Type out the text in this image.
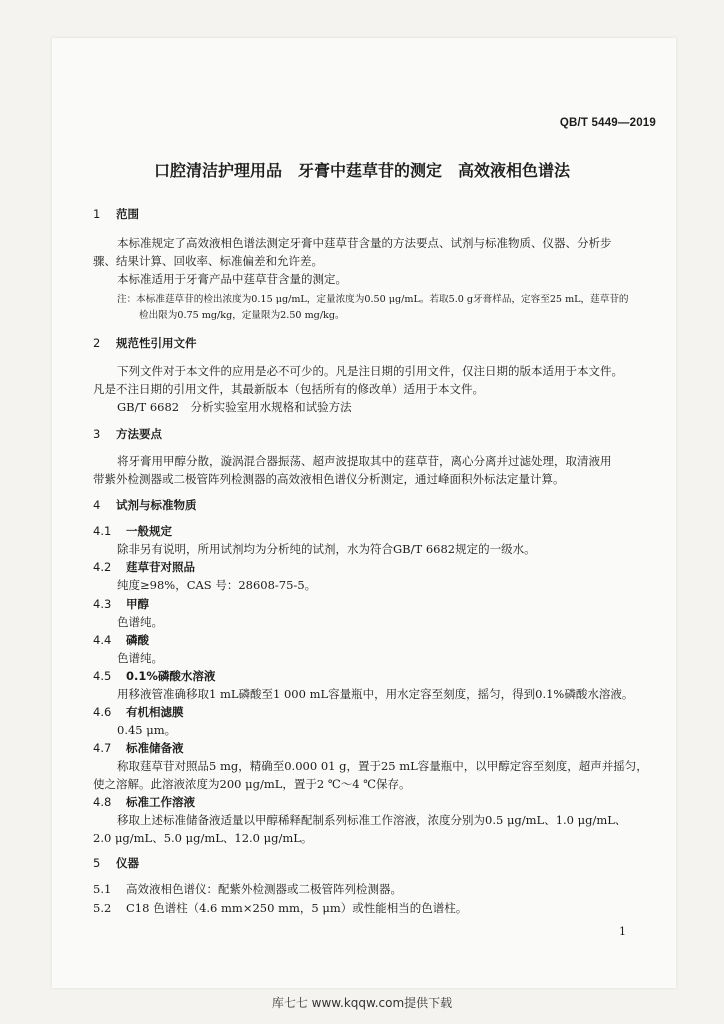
QB/T 5449—2019
口腔清洁护理用品　牙膏中莛草苷的测定　高效液相色谱法
1 范围
本标准规定了高效液相色谱法测定牙膏中莛草苷含量的方法要点、试剂与标准物质、仪器、分析步
骤、结果计算、回收率、标准偏差和允许差。
本标准适用于牙膏产品中莛草苷含量的测定。
注：本标准莛草苷的检出浓度为0.15 μg/mL，定量浓度为0.50 μg/mL。若取5.0 g牙膏样品，定容至25 mL，莛草苷的
检出限为0.75 mg/kg，定量限为2.50 mg/kg。
2 规范性引用文件
下列文件对于本文件的应用是必不可少的。凡是注日期的引用文件，仅注日期的版本适用于本文件。
凡是不注日期的引用文件，其最新版本（包括所有的修改单）适用于本文件。
GB/T 6682　分析实验室用水规格和试验方法
3 方法要点
将牙膏用甲醇分散，漩涡混合器振荡、超声波提取其中的莛草苷，离心分离并过滤处理，取清液用
带紫外检测器或二极管阵列检测器的高效液相色谱仪分析测定，通过峰面积外标法定量计算。
4 试剂与标准物质
4.1 一般规定
除非另有说明，所用试剂均为分析纯的试剂，水为符合GB/T 6682规定的一级水。
4.2 莛草苷对照品
纯度≥98%，CAS 号：28608-75-5。
4.3 甲醇
色谱纯。
4.4 磷酸
色谱纯。
4.5 0.1%磷酸水溶液
用移液管准确移取1 mL磷酸至1 000 mL容量瓶中，用水定容至刻度，摇匀，得到0.1%磷酸水溶液。
4.6 有机相滤膜
0.45 μm。
4.7 标准储备液
称取莛草苷对照品5 mg，精确至0.000 01 g，置于25 mL容量瓶中，以甲醇定容至刻度，超声并摇匀，
使之溶解。此溶液浓度为200 μg/mL，置于2 ℃～4 ℃保存。
4.8 标准工作溶液
移取上述标准储备液适量以甲醇稀释配制系列标准工作溶液，浓度分别为0.5 μg/mL、1.0 μg/mL、
2.0 μg/mL、5.0 μg/mL、12.0 μg/mL。
5 仪器
5.1 高效液相色谱仪：配紫外检测器或二极管阵列检测器。
5.2 C18 色谱柱（4.6 mm×250 mm，5 μm）或性能相当的色谱柱。
1
库七七 www.kqqw.com提供下载
